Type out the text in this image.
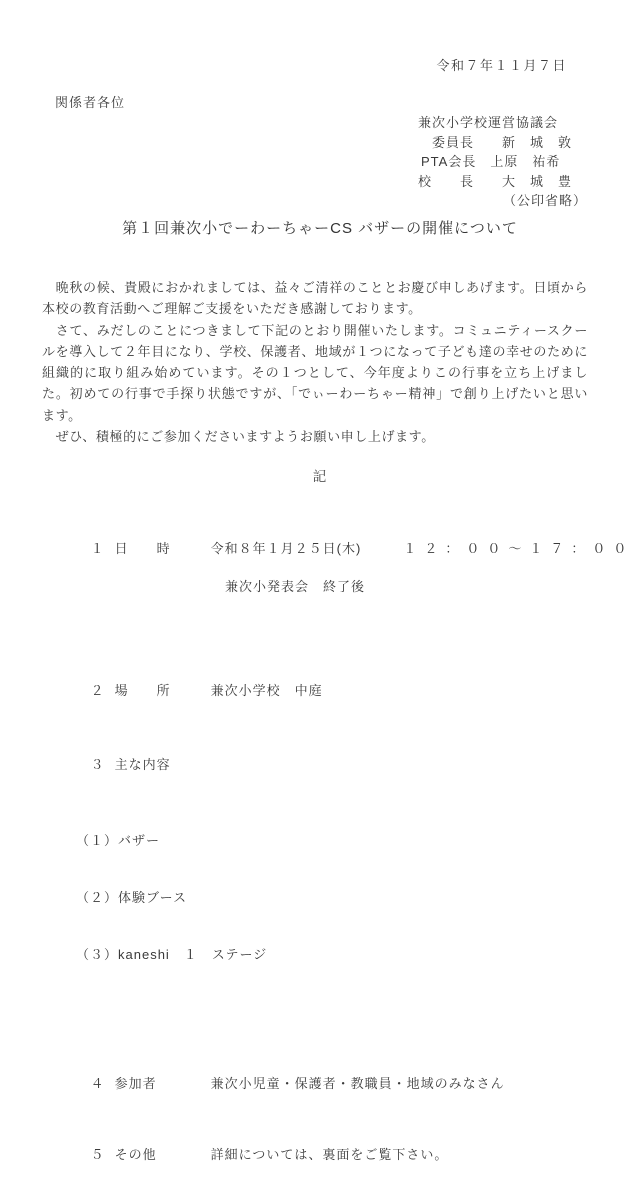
令和７年１１月７日
関係者各位
兼次小学校運営協議会
委員長　　新　城　敦
PTA会長　上原　祐希
校　　長　　大　城　豊
（公印省略）
第１回兼次小でーわーちゃーCS バザーの開催について

　晩秋の候、貴殿におかれましては、益々ご清祥のこととお慶び申しあげます。日頃から本校の教育活動へご理解ご支援をいただき感謝しております。

　さて、みだしのことにつきまして下記のとおり開催いたします。コミュニティースクールを導入して２年目になり、学校、保護者、地域が１つになって子ども達の幸せのために組織的に取り組み始めています。その１つとして、今年度よりこの行事を立ち上げました。初めての行事で手探り状態ですが、「でぃーわーちゃー精神」で創り上げたいと思います。

　ぜひ、積極的にご参加くださいますようお願い申し上げます。

記

１ 日　　時	令和８年１月２５日(木)	１２：００～１７：００

兼次小発表会　終了後

２ 場　　所	兼次小学校　中庭

３ 主な内容

（１）バザー

（２）体験ブース

（３）kaneshi　１　ステージ

４ 参加者	兼次小児童・保護者・教職員・地域のみなさん

５ その他	詳細については、裏面をご覧下さい。
